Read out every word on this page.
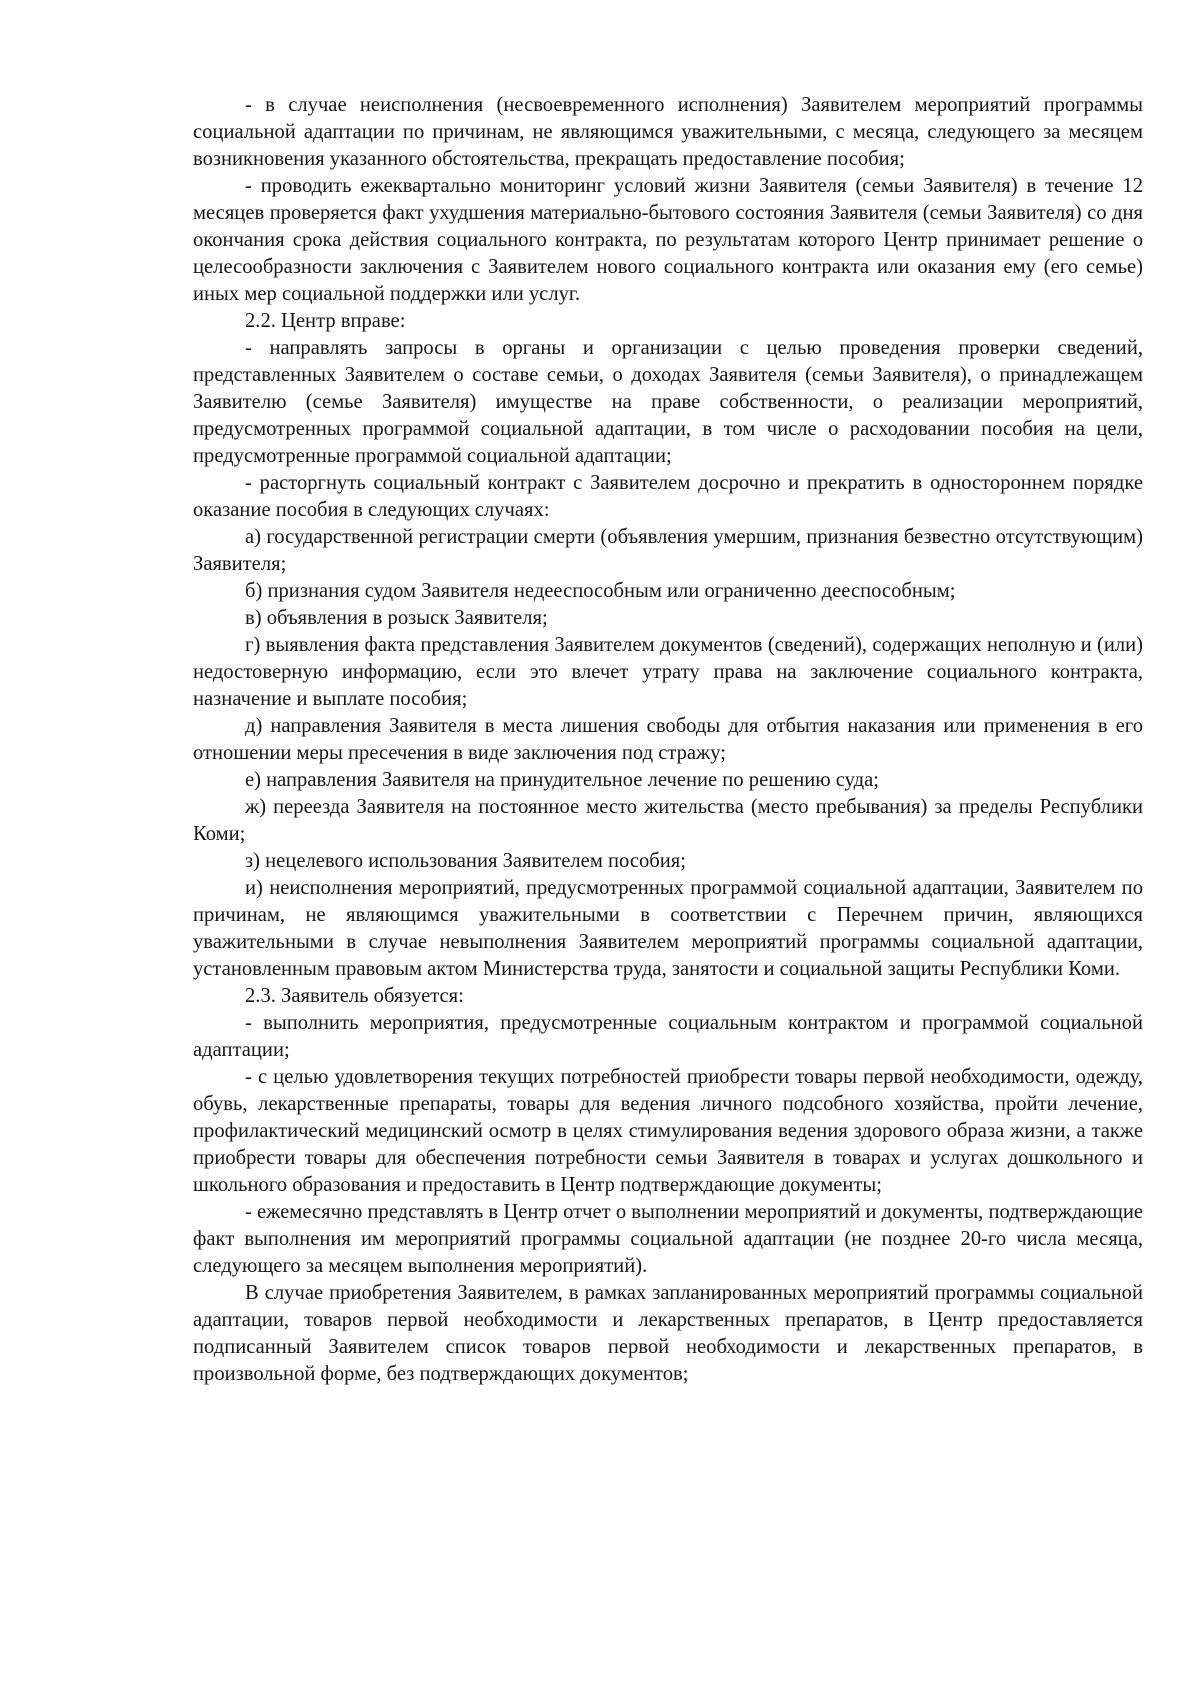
- в случае неисполнения (несвоевременного исполнения) Заявителем мероприятий программы социальной адаптации по причинам, не являющимся уважительными, с месяца, следующего за месяцем возникновения указанного обстоятельства, прекращать предоставление пособия;

- проводить ежеквартально мониторинг условий жизни Заявителя (семьи Заявителя) в течение 12 месяцев проверяется факт ухудшения материально-бытового состояния Заявителя (семьи Заявителя) со дня окончания срока действия социального контракта, по результатам которого Центр принимает решение о целесообразности заключения с Заявителем нового социального контракта или оказания ему (его семье) иных мер социальной поддержки или услуг.

2.2. Центр вправе:

- направлять запросы в органы и организации с целью проведения проверки сведений, представленных Заявителем о составе семьи, о доходах Заявителя (семьи Заявителя), о принадлежащем Заявителю (семье Заявителя) имуществе на праве собственности, о реализации мероприятий, предусмотренных программой социальной адаптации, в том числе о расходовании пособия на цели, предусмотренные программой социальной адаптации;

- расторгнуть социальный контракт с Заявителем досрочно и прекратить в одностороннем порядке оказание пособия в следующих случаях:

а) государственной регистрации смерти (объявления умершим, признания безвестно отсутствующим) Заявителя;

б) признания судом Заявителя недееспособным или ограниченно дееспособным;

в) объявления в розыск Заявителя;

г) выявления факта представления Заявителем документов (сведений), содержащих неполную и (или) недостоверную информацию, если это влечет утрату права на заключение социального контракта, назначение и выплате пособия;

д) направления Заявителя в места лишения свободы для отбытия наказания или применения в его отношении меры пресечения в виде заключения под стражу;

е) направления Заявителя на принудительное лечение по решению суда;

ж) переезда Заявителя на постоянное место жительства (место пребывания) за пределы Республики Коми;

з) нецелевого использования Заявителем пособия;

и) неисполнения мероприятий, предусмотренных программой социальной адаптации, Заявителем по причинам, не являющимся уважительными в соответствии с Перечнем причин, являющихся уважительными в случае невыполнения Заявителем мероприятий программы социальной адаптации, установленным правовым актом Министерства труда, занятости и социальной защиты Республики Коми.

2.3. Заявитель обязуется:

- выполнить мероприятия, предусмотренные социальным контрактом и программой социальной адаптации;

- с целью удовлетворения текущих потребностей приобрести товары первой необходимости, одежду, обувь, лекарственные препараты, товары для ведения личного подсобного хозяйства, пройти лечение, профилактический медицинский осмотр в целях стимулирования ведения здорового образа жизни, а также приобрести товары для обеспечения потребности семьи Заявителя в товарах и услугах дошкольного и школьного образования и предоставить в Центр подтверждающие документы;

- ежемесячно представлять в Центр отчет о выполнении мероприятий и документы, подтверждающие факт выполнения им мероприятий программы социальной адаптации (не позднее 20-го числа месяца, следующего за месяцем выполнения мероприятий).

В случае приобретения Заявителем, в рамках запланированных мероприятий программы социальной адаптации, товаров первой необходимости и лекарственных препаратов, в Центр предоставляется подписанный Заявителем список товаров первой необходимости и лекарственных препаратов, в произвольной форме, без подтверждающих документов;
